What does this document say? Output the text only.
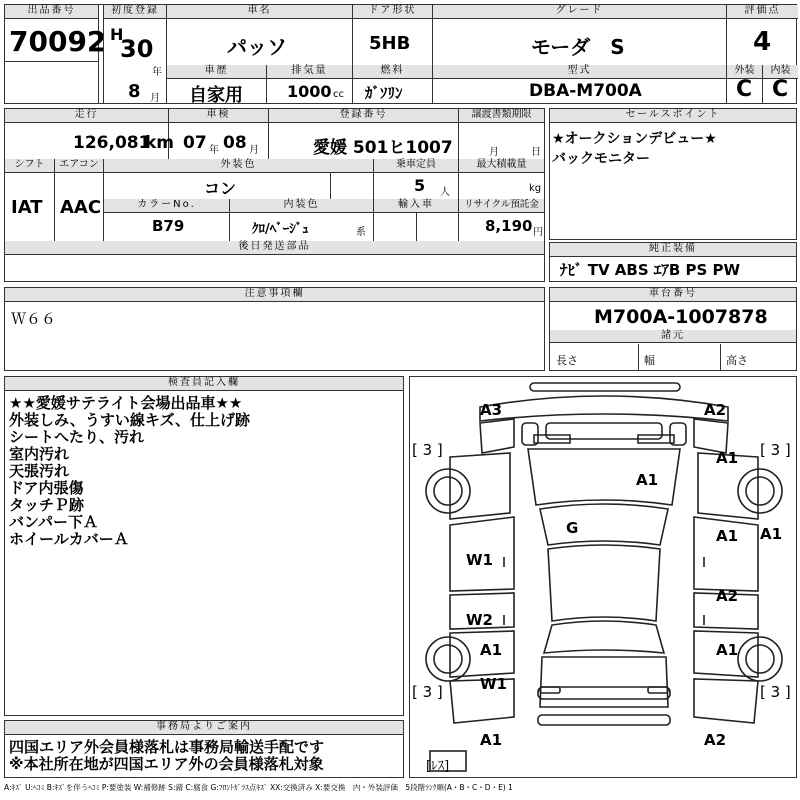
出品番号
70092
初度登録
H
30
年
8 月
車名
パッソ
ドア形状
5HB
グレード
モーダ　S
評価点
4
車歴
自家用
排気量
1000 cc
燃料
ｶﾞｿﾘﾝ
型式
DBA-M700A
外装
C
内装
C
走行
126,081
km
車検
07 年 08 月
登録番号
愛媛 501ヒ1007
譲渡書類期限
月	日
シフト
IAT
エアコン
AAC
外装色
コン
乗車定員
5 人
最大積載量
kg
カラーNo.
B79
内装色
ｸﾛ/ﾍﾞｰｼﾞｭ	系
輸入車	リサイクル預託金
8,190 円
後日発送部品
セールスポイント
★オークションデビュー★
バックモニター
純正装備
ﾅﾋﾞ TV ABS ｴｱB PS PW
注意事項欄
Ｗ６６
車台番号
M700A-1007878
諸元
長さ	幅	高さ
検査員記入欄
★★愛媛サテライト会場出品車★★
外装しみ、うすい線キズ、仕上げ跡
シートへたり、汚れ
室内汚れ
天張汚れ
ドア内張傷
タッチＰ跡
バンパー下Ａ
ホイールカバーＡ
事務局よりご案内
四国エリア外会員様落札は事務局輸送手配です
※本社所在地が四国エリア外の会員様落札対象
A3	A2
[ 3 ]	[ 3 ]
A1
A1
G	A1 A1
A2
A1
W1
W2
A1
W1
[ 3 ]	[ 3 ]
A1	A2
[ﾚｽ]
A:ｷｽﾞ U:ﾍｺﾐ B:ｷｽﾞを伴うﾍｺﾐ P:要塗装 W:補修跡 S:錆 C:腐食 G:ﾌﾛﾝﾄｶﾞﾗｽ点ｷｽﾞ XX:交換済み X:要交換　内・外装評価　5段階ﾗﾝｸ順(A・B・C・D・E) 1
